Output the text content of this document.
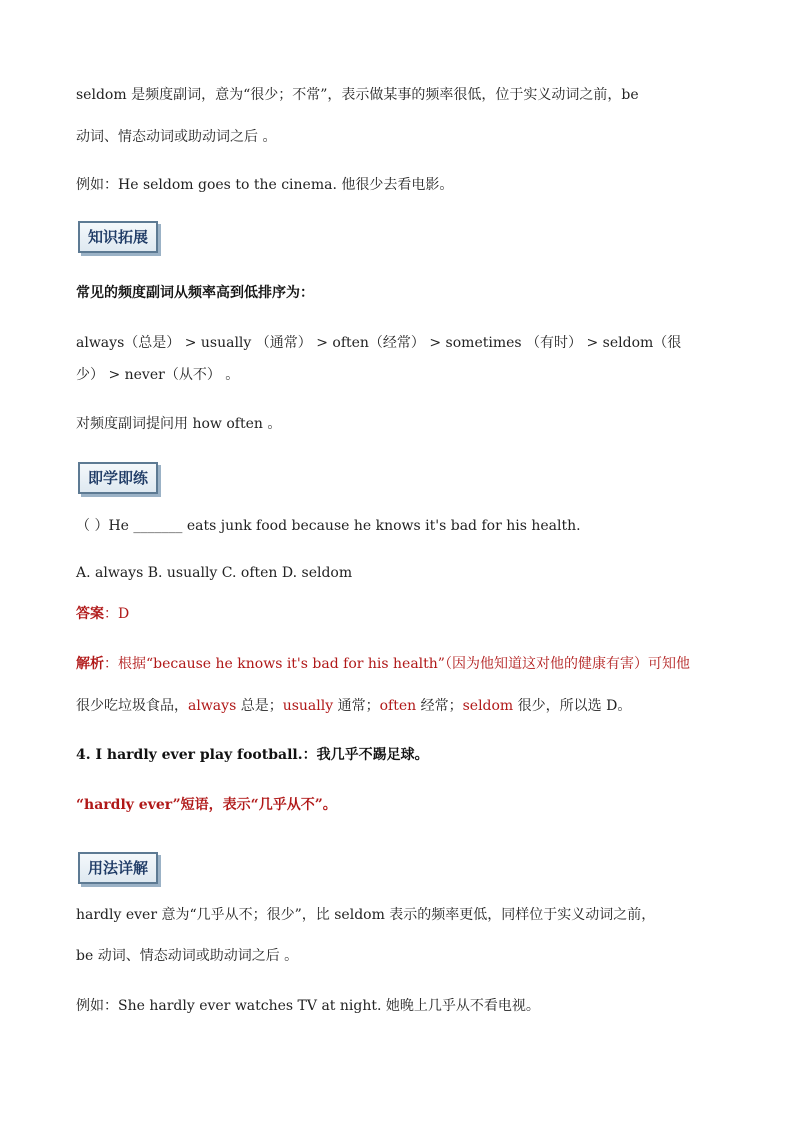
seldom 是频度副词，意为“很少；不常”，表示做某事的频率很低，位于实义动词之前，be
动词、情态动词或助动词之后 。
例如：He seldom goes to the cinema. 他很少去看电影。
知识拓展
常见的频度副词从频率高到低排序为：
always（总是） > usually （通常） > often（经常） > sometimes （有时） > seldom（很
少） > never（从不） 。
对频度副词提问用 how often 。
即学即练
（ ）He _______ eats junk food because he knows it's bad for his health.
A. always B. usually C. often D. seldom
答案：D
解析：根据“because he knows it's bad for his health”（因为他知道这对他的健康有害）可知他
很少吃垃圾食品，always 总是；usually 通常；often 经常；seldom 很少，所以选 D。
4. I hardly ever play football.：我几乎不踢足球。
“hardly ever”短语，表示“几乎从不”。
用法详解
hardly ever 意为“几乎从不；很少”，比 seldom 表示的频率更低，同样位于实义动词之前，
be 动词、情态动词或助动词之后 。
例如：She hardly ever watches TV at night. 她晚上几乎从不看电视。
